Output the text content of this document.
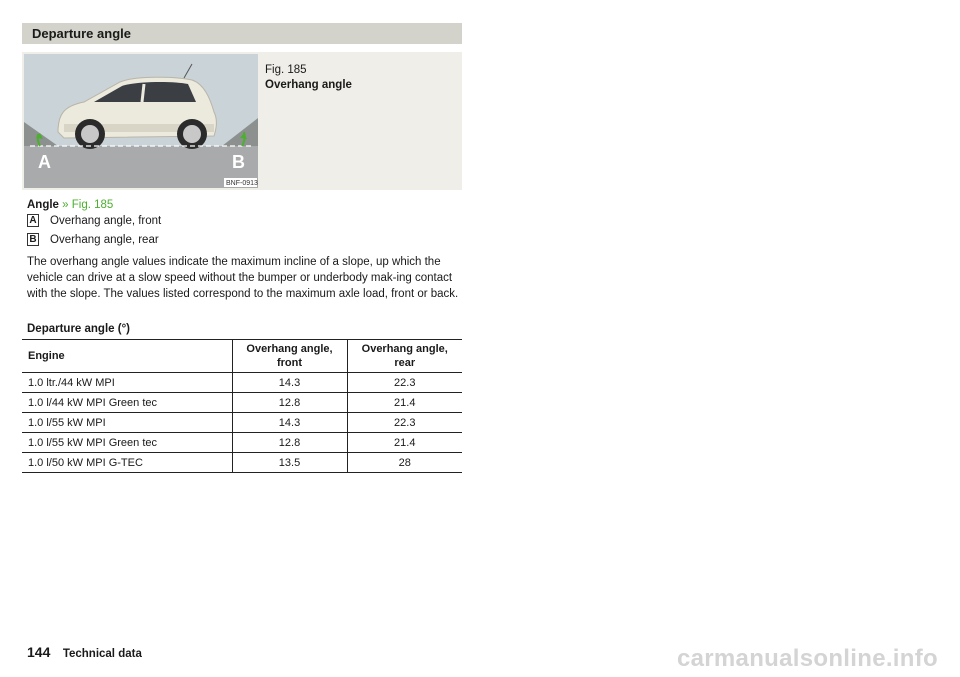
Departure angle
A	B
BNF-0913
Fig. 185
Overhang angle
Angle » Fig. 185
A Overhang angle, front
B Overhang angle, rear
The overhang angle values indicate the maximum incline of a slope, up which the vehicle can drive at a slow speed without the bumper or underbody mak-ing contact with the slope. The values listed correspond to the maximum axle load, front or back.
Departure angle (°)
Engine	Overhang angle, front	Overhang angle, rear
1.0 ltr./44 kW MPI	14.3	22.3
1.0 l/44 kW MPI Green tec	12.8	21.4
1.0 l/55 kW MPI	14.3	22.3
1.0 l/55 kW MPI Green tec	12.8	21.4
1.0 l/50 kW MPI G-TEC	13.5	28
144 Technical data	carmanualsonline.info
